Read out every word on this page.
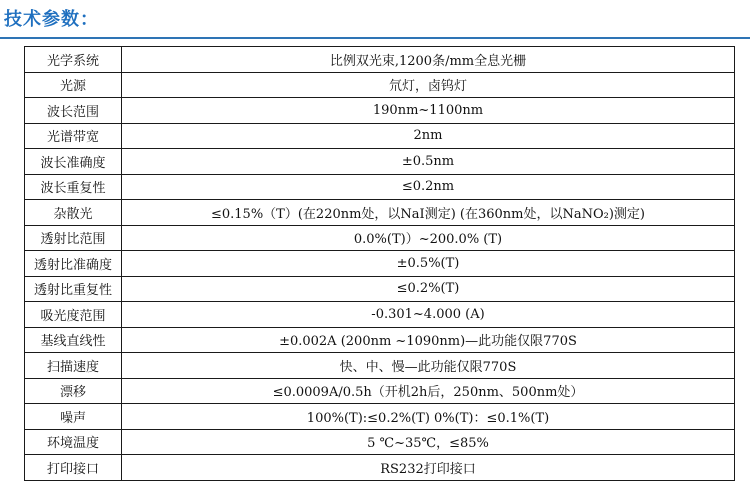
技术参数：
光学系统	比例双光束,1200条/mm全息光栅
光源	氘灯，卤钨灯
波长范围	190nm~1100nm
光谱带宽	2nm
波长准确度	±0.5nm
波长重复性	≤0.2nm
杂散光	≤0.15%（T）(在220nm处，以NaI测定) (在360nm处，以NaNO₂)测定)
透射比范围	0.0%(T)）~200.0% (T)
透射比准确度	±0.5%(T)
透射比重复性	≤0.2%(T)
吸光度范围	-0.301~4.000 (A)
基线直线性	±0.002A (200nm ~1090nm)—此功能仅限770S
扫描速度	快、中、慢—此功能仅限770S
漂移	≤0.0009A/0.5h（开机2h后，250nm、500nm处）
噪声	100%(T):≤0.2%(T) 0%(T)：≤0.1%(T)
环境温度	5 ℃~35℃，≤85%
打印接口	RS232打印接口
